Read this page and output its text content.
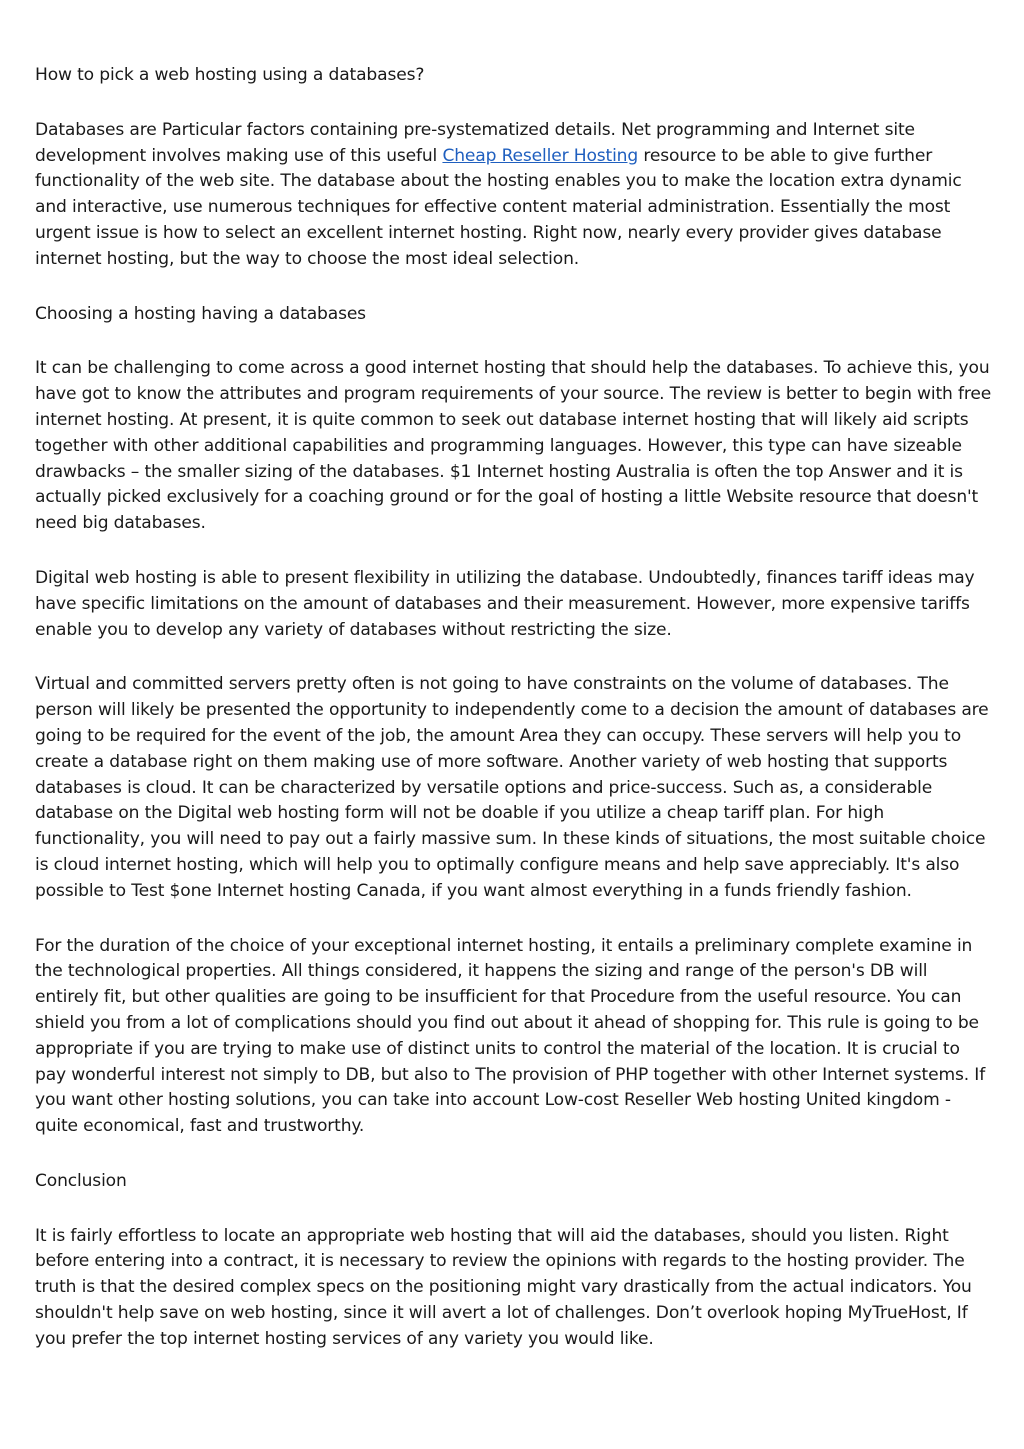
How to pick a web hosting using a databases?

Databases are Particular factors containing pre-systematized details. Net programming and Internet site development involves making use of this useful Cheap Reseller Hosting resource to be able to give further functionality of the web site. The database about the hosting enables you to make the location extra dynamic and interactive, use numerous techniques for effective content material administration. Essentially the most urgent issue is how to select an excellent internet hosting. Right now, nearly every provider gives database internet hosting, but the way to choose the most ideal selection.

Choosing a hosting having a databases

It can be challenging to come across a good internet hosting that should help the databases. To achieve this, you have got to know the attributes and program requirements of your source. The review is better to begin with free internet hosting. At present, it is quite common to seek out database internet hosting that will likely aid scripts together with other additional capabilities and programming languages. However, this type can have sizeable drawbacks – the smaller sizing of the databases. $1 Internet hosting Australia is often the top Answer and it is actually picked exclusively for a coaching ground or for the goal of hosting a little Website resource that doesn't need big databases.

Digital web hosting is able to present flexibility in utilizing the database. Undoubtedly, finances tariff ideas may have specific limitations on the amount of databases and their measurement. However, more expensive tariffs enable you to develop any variety of databases without restricting the size.

Virtual and committed servers pretty often is not going to have constraints on the volume of databases. The person will likely be presented the opportunity to independently come to a decision the amount of databases are going to be required for the event of the job, the amount Area they can occupy. These servers will help you to create a database right on them making use of more software. Another variety of web hosting that supports databases is cloud. It can be characterized by versatile options and price-success. Such as, a considerable database on the Digital web hosting form will not be doable if you utilize a cheap tariff plan. For high functionality, you will need to pay out a fairly massive sum. In these kinds of situations, the most suitable choice is cloud internet hosting, which will help you to optimally configure means and help save appreciably. It's also possible to Test $one Internet hosting Canada, if you want almost everything in a funds friendly fashion.

For the duration of the choice of your exceptional internet hosting, it entails a preliminary complete examine in the technological properties. All things considered, it happens the sizing and range of the person's DB will entirely fit, but other qualities are going to be insufficient for that Procedure from the useful resource. You can shield you from a lot of complications should you find out about it ahead of shopping for. This rule is going to be appropriate if you are trying to make use of distinct units to control the material of the location. It is crucial to pay wonderful interest not simply to DB, but also to The provision of PHP together with other Internet systems. If you want other hosting solutions, you can take into account Low-cost Reseller Web hosting United kingdom - quite economical, fast and trustworthy.

Conclusion

It is fairly effortless to locate an appropriate web hosting that will aid the databases, should you listen. Right before entering into a contract, it is necessary to review the opinions with regards to the hosting provider. The truth is that the desired complex specs on the positioning might vary drastically from the actual indicators. You shouldn't help save on web hosting, since it will avert a lot of challenges. Don’t overlook hoping MyTrueHost, If you prefer the top internet hosting services of any variety you would like.
